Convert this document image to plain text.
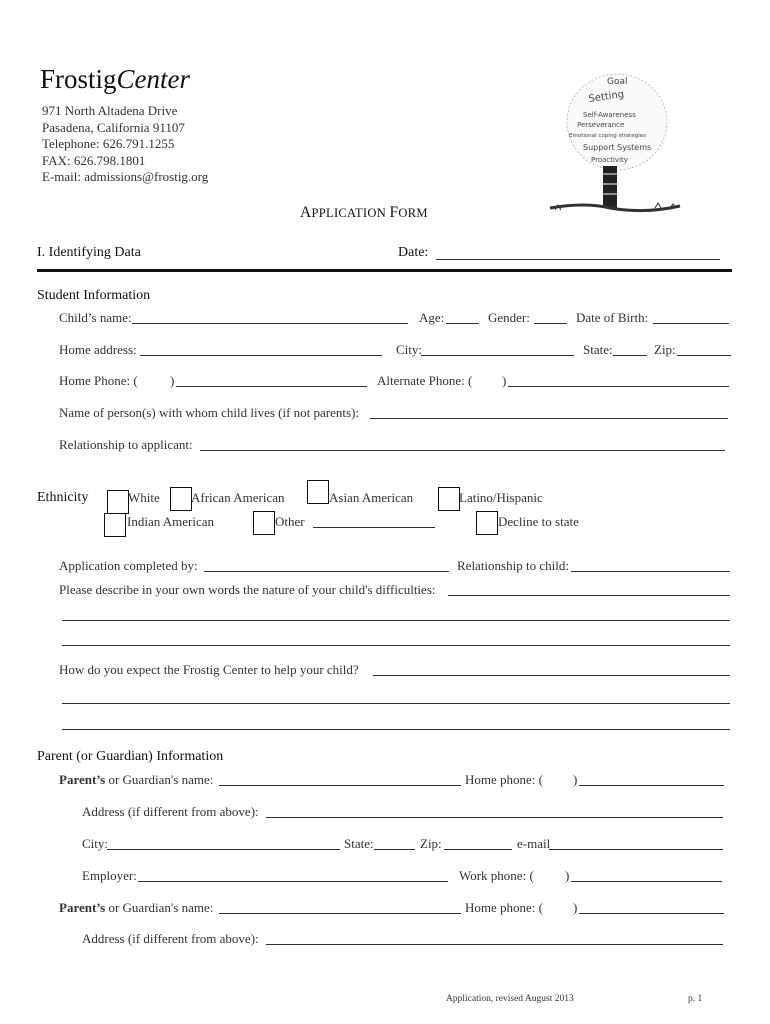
FrostigCenter
971 North Altadena Drive
Pasadena, California 91107
Telephone: 626.791.1255
FAX: 626.798.1801
E-mail: admissions@frostig.org
Goal
Setting
Self-Awareness
Perseverance
Emotional coping strategies
Support Systems
Proactivity
APPLICATION FORM
I. Identifying Data	Date:
Student Information
Child’s name:	Age:	Gender:	Date of Birth:
Home address:	City:	State:	Zip:
Home Phone: ( )	Alternate Phone: ( )
Name of person(s) with whom child lives (if not parents):
Relationship to applicant:
Ethnicity	White African American	Asian American	Latino/Hispanic
Indian American	Other	Decline to state
Application completed by:	Relationship to child:
Please describe in your own words the nature of your child's difficulties:
How do you expect the Frostig Center to help your child?
Parent (or Guardian) Information
Parent’s or Guardian's name:	Home phone: ( )
Address (if different from above):
City:	State:	Zip:	e-mail
Employer:	Work phone: ( )
Parent’s or Guardian's name:	Home phone: ( )
Address (if different from above):
Application, revised August 2013	p. 1
